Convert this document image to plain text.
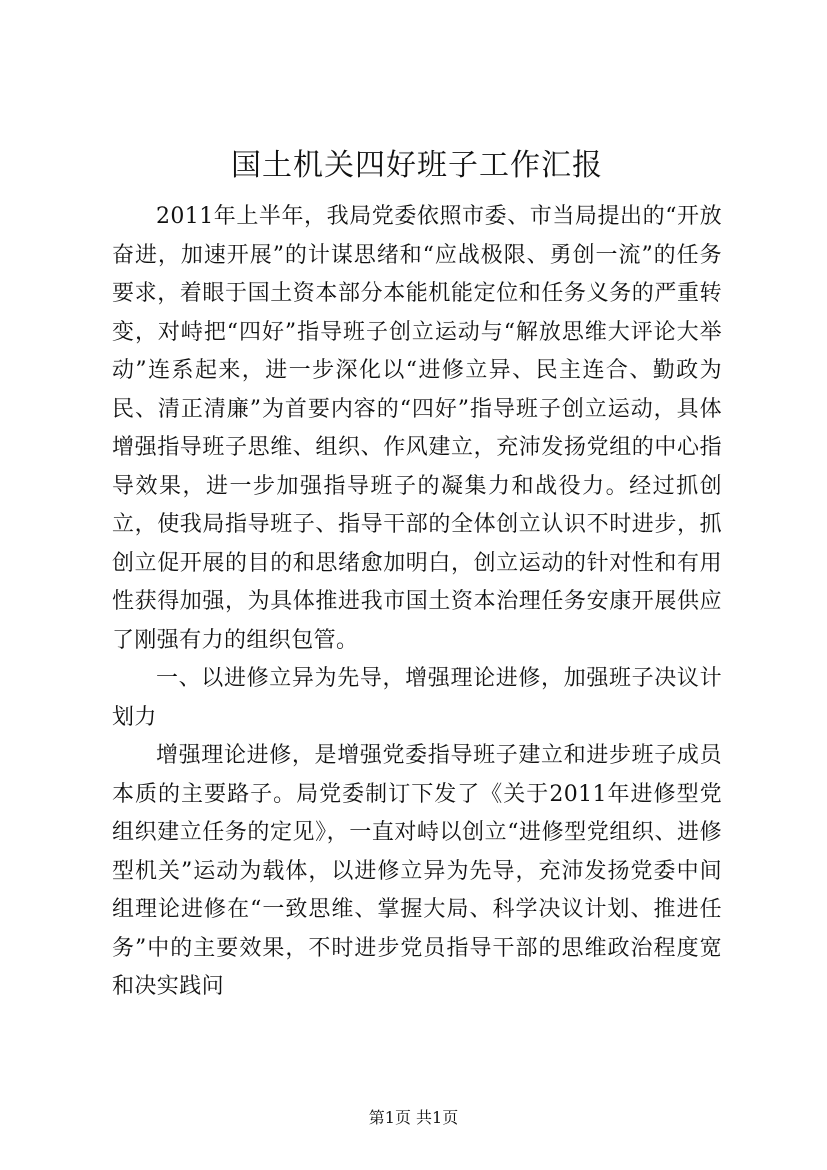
国土机关四好班子工作汇报

2011年上半年，我局党委依照市委、市当局提出的“开放奋进，加速开展”的计谋思绪和“应战极限、勇创一流”的任务要求，着眼于国土资本部分本能机能定位和任务义务的严重转变，对峙把“四好”指导班子创立运动与“解放思维大评论大举动”连系起来，进一步深化以“进修立异、民主连合、勤政为民、清正清廉”为首要内容的“四好”指导班子创立运动，具体增强指导班子思维、组织、作风建立，充沛发扬党组的中心指导效果，进一步加强指导班子的凝集力和战役力。经过抓创立，使我局指导班子、指导干部的全体创立认识不时进步，抓创立促开展的目的和思绪愈加明白，创立运动的针对性和有用性获得加强，为具体推进我市国土资本治理任务安康开展供应了刚强有力的组织包管。

一、以进修立异为先导，增强理论进修，加强班子决议计划力

增强理论进修，是增强党委指导班子建立和进步班子成员本质的主要路子。局党委制订下发了《关于2011年进修型党组织建立任务的定见》，一直对峙以创立“进修型党组织、进修型机关”运动为载体，以进修立异为先导，充沛发扬党委中间组理论进修在“一致思维、掌握大局、科学决议计划、推进任务”中的主要效果，不时进步党员指导干部的思维政治程度宽和决实践问

第1页 共1页
